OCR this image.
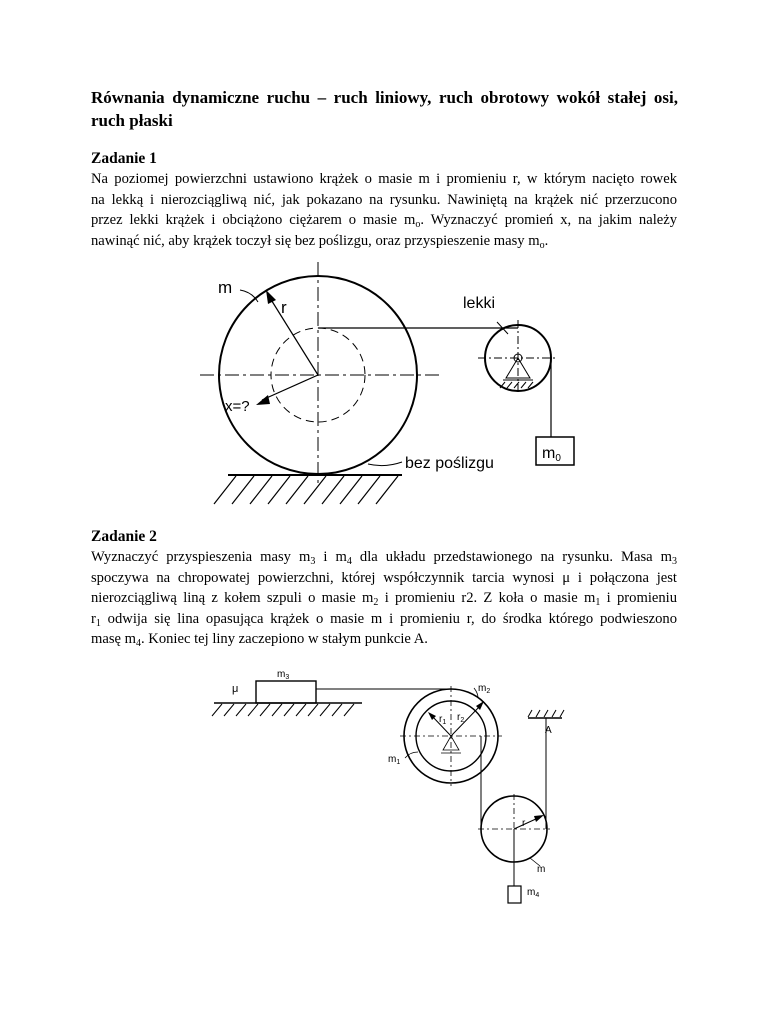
Równania dynamiczne ruchu – ruch liniowy, ruch obrotowy wokół stałej osi, ruch płaski
Zadanie 1
Na poziomej powierzchni ustawiono krążek o masie m i promieniu r, w którym nacięto rowek
na lekką i nierozciągliwą nić, jak pokazano na rysunku. Nawiniętą na krążek nić przerzucono
przez lekki krążek i obciążono ciężarem o masie $m_o$. Wyznaczyć promień x, na jakim należy
nawinąć nić, aby krążek toczył się bez poślizgu, oraz przyspieszenie masy $m_o$.
m
r
x=?
lekki
m0
bez poślizgu
Zadanie 2
Wyznaczyć przyspieszenia masy $m_3$ i $m_4$ dla układu przedstawionego na rysunku. Masa $m_3$
spoczywa na chropowatej powierzchni, której współczynnik tarcia wynosi μ i połączona jest
nierozciągliwą liną z kołem szpuli o masie $m_2$ i promieniu r2. Z koła o masie $m_1$ i promieniu
$r_1$ odwija się lina opasująca krążek o masie m i promieniu r, do środka którego podwieszono
masę $m_4$. Koniec tej liny zaczepiono w stałym punkcie A.
$m_3$
μ	$m_2$
$r_1$ $r_2$
$m_1$
A
r
m
$m_4$
